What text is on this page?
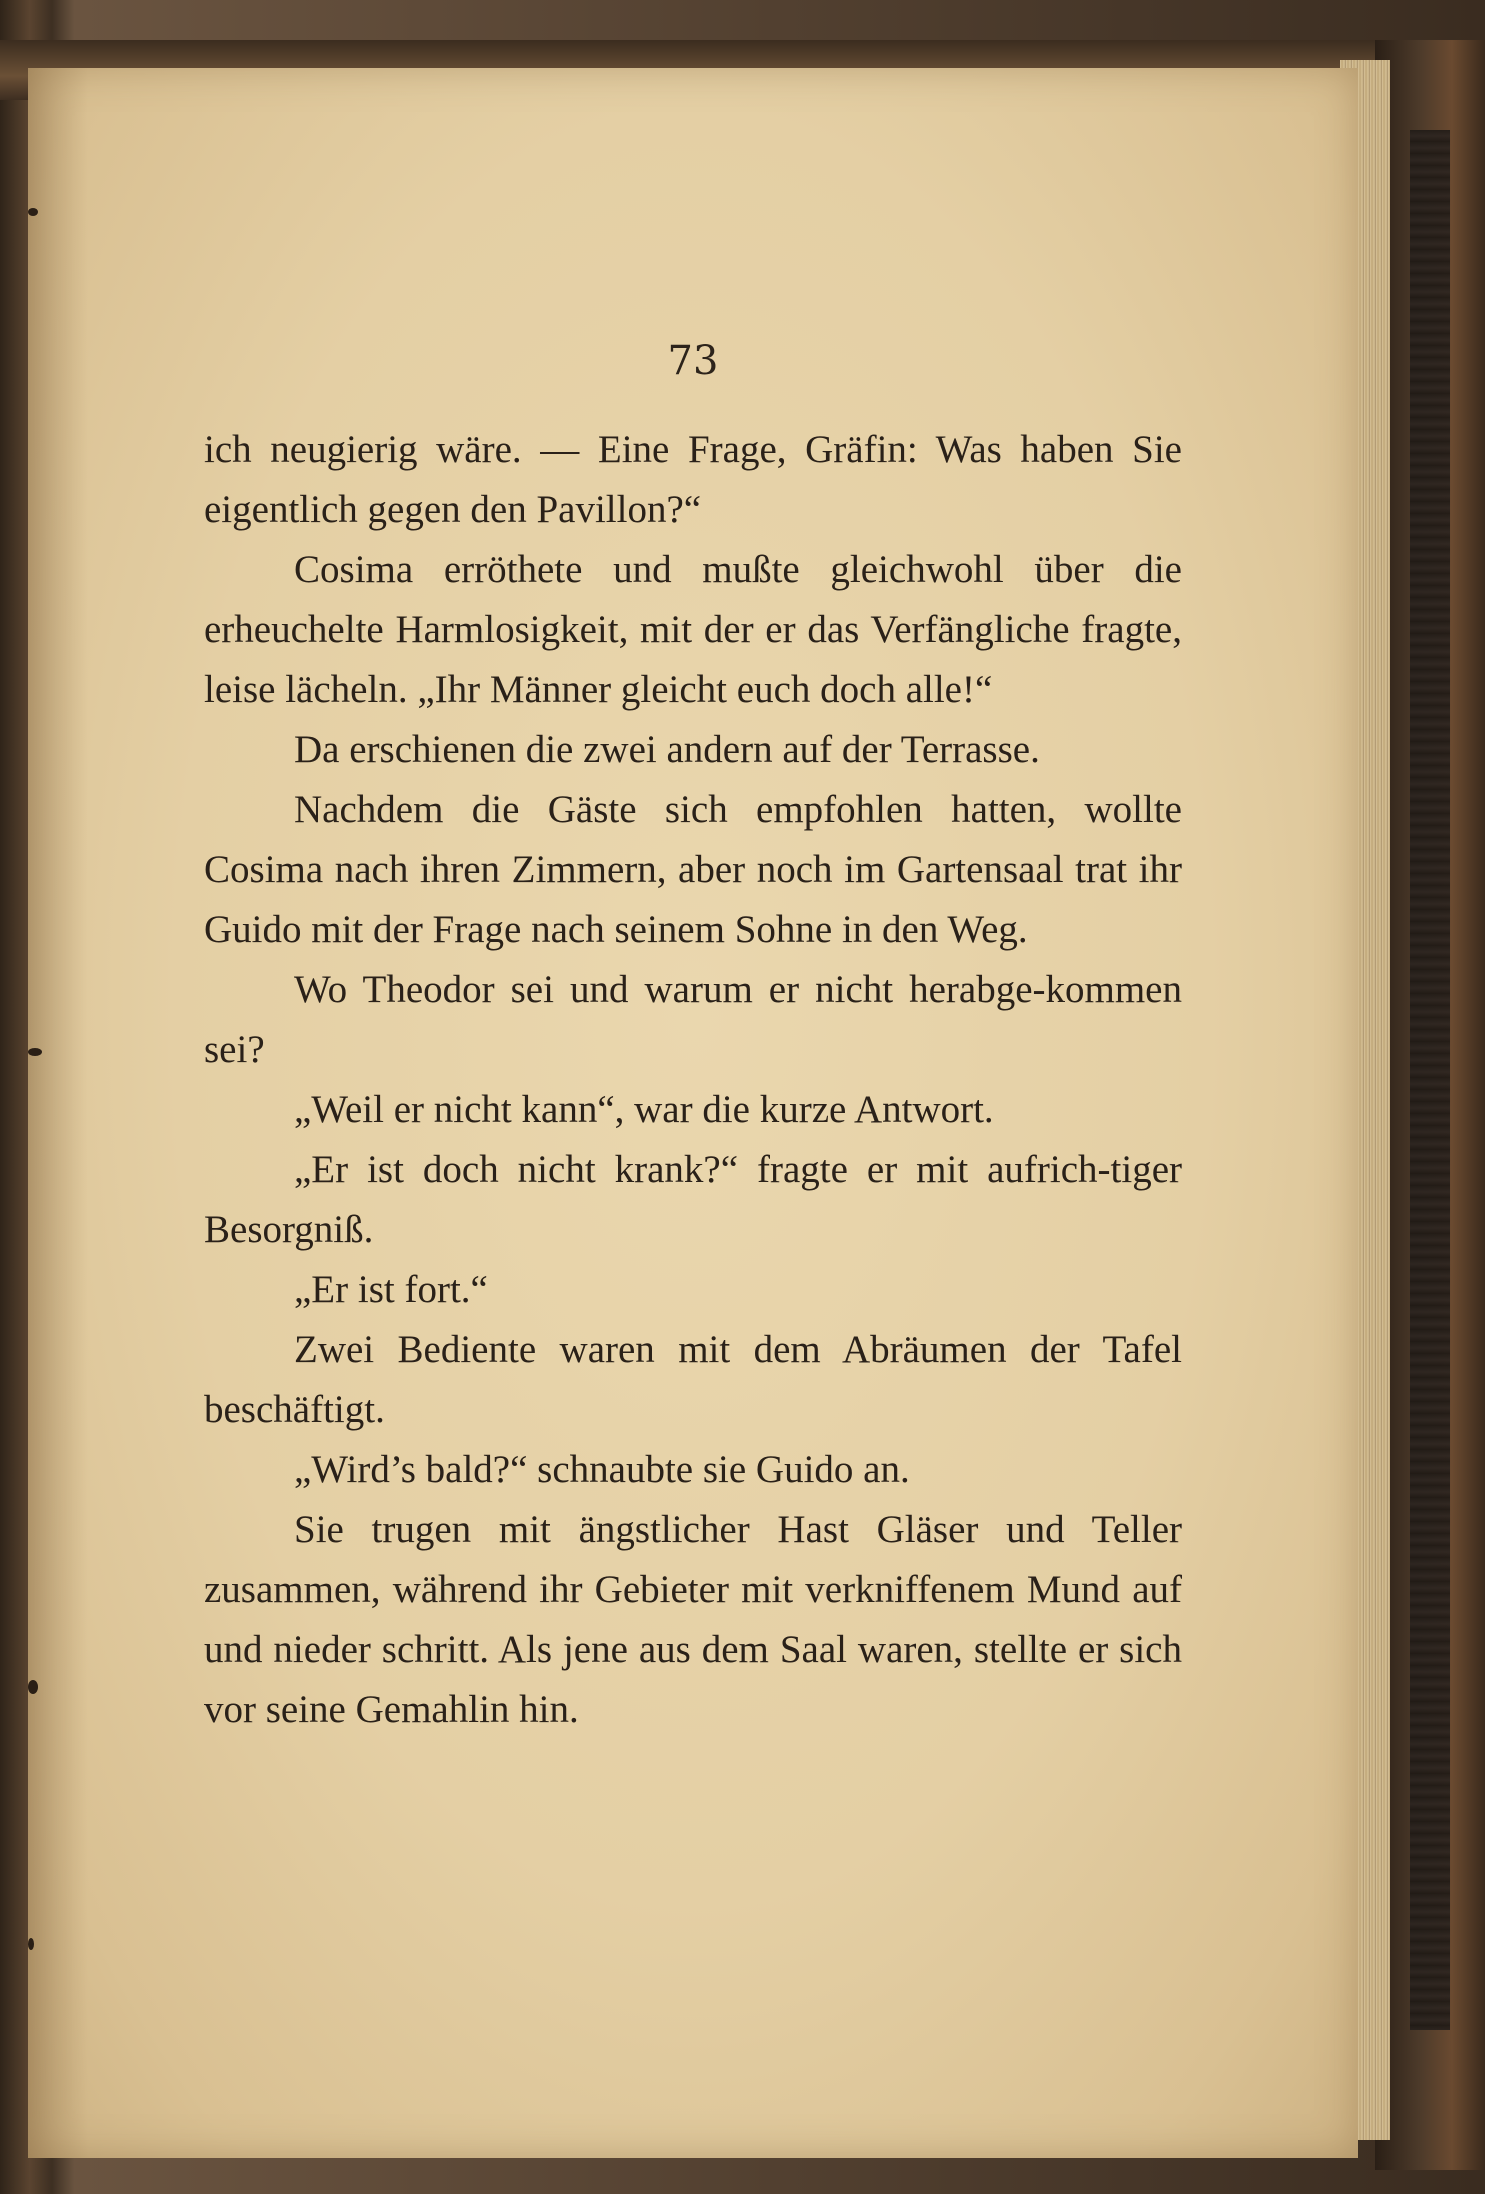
73

ich neugierig wäre. — Eine Frage, Gräfin: Was haben Sie eigentlich gegen den Pavillon?“

Cosima erröthete und mußte gleichwohl über die erheuchelte Harmlosigkeit, mit der er das Verfängliche fragte, leise lächeln. „Ihr Männer gleicht euch doch alle!“

Da erschienen die zwei andern auf der Terrasse.

Nachdem die Gäste sich empfohlen hatten, wollte Cosima nach ihren Zimmern, aber noch im Gartensaal trat ihr Guido mit der Frage nach seinem Sohne in den Weg.

Wo Theodor sei und warum er nicht herabge-kommen sei?

„Weil er nicht kann“, war die kurze Antwort.

„Er ist doch nicht krank?“ fragte er mit aufrich-tiger Besorgniß.

„Er ist fort.“

Zwei Bediente waren mit dem Abräumen der Tafel beschäftigt.

„Wird’s bald?“ schnaubte sie Guido an.

Sie trugen mit ängstlicher Hast Gläser und Teller zusammen, während ihr Gebieter mit verkniffenem Mund auf und nieder schritt. Als jene aus dem Saal waren, stellte er sich vor seine Gemahlin hin.
